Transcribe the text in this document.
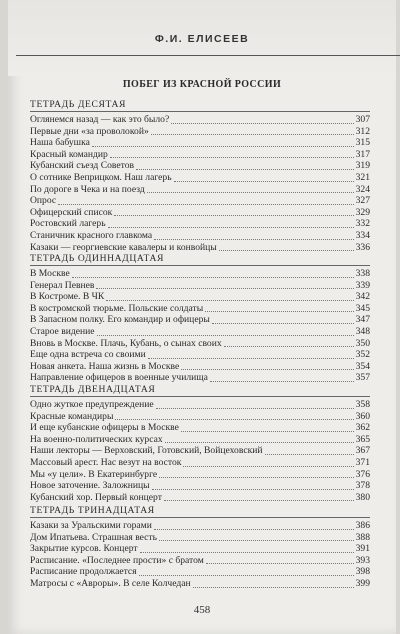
Ф.И. ЕЛИСЕЕВ
ПОБЕГ ИЗ КРАСНОЙ РОССИИ
ТЕТРАДЬ ДЕСЯТАЯ
Оглянемся назад — как это было?	307
Первые дни «за проволокой»	312
Наша бабушка	315
Красный командир	317
Кубанский съезд Советов	319
О сотнике Веприцком. Наш лагерь	321
По дороге в Чека и на поезд	324
Опрос	327
Офицерский список	329
Ростовский лагерь	332
Станичник красного главкома	334
Казаки — георгиевские кавалеры и конвойцы	336
ТЕТРАДЬ ОДИННАДЦАТАЯ
В Москве	338
Генерал Певнев	339
В Костроме. В ЧК	342
В костромской тюрьме. Польские солдаты	345
В Запасном полку. Его командир и офицеры	347
Старое видение	348
Вновь в Москве. Плачь, Кубань, о сынах своих	350
Еще одна встреча со своими	352
Новая анкета. Наша жизнь в Москве	354
Направление офицеров в военные училища	357
ТЕТРАДЬ ДВЕНАДЦАТАЯ
Одно жуткое предупреждение	358
Красные командиры	360
И еще кубанские офицеры в Москве	362
На военно-политических курсах	365
Наши лекторы — Верховский, Готовский, Войцеховский	367
Массовый арест. Нас везут на восток	371
Мы «у цели». В Екатеринбурге	376
Новое заточение. Заложницы	378
Кубанский хор. Первый концерт	380
ТЕТРАДЬ ТРИНАДЦАТАЯ
Казаки за Уральскими горами	386
Дом Ипатьева. Страшная весть	388
Закрытие курсов. Концерт	391
Расписание. «Последнее прости» с братом	393
Расписание продолжается	398
Матросы с «Авроры». В селе Колчедан	399
458
